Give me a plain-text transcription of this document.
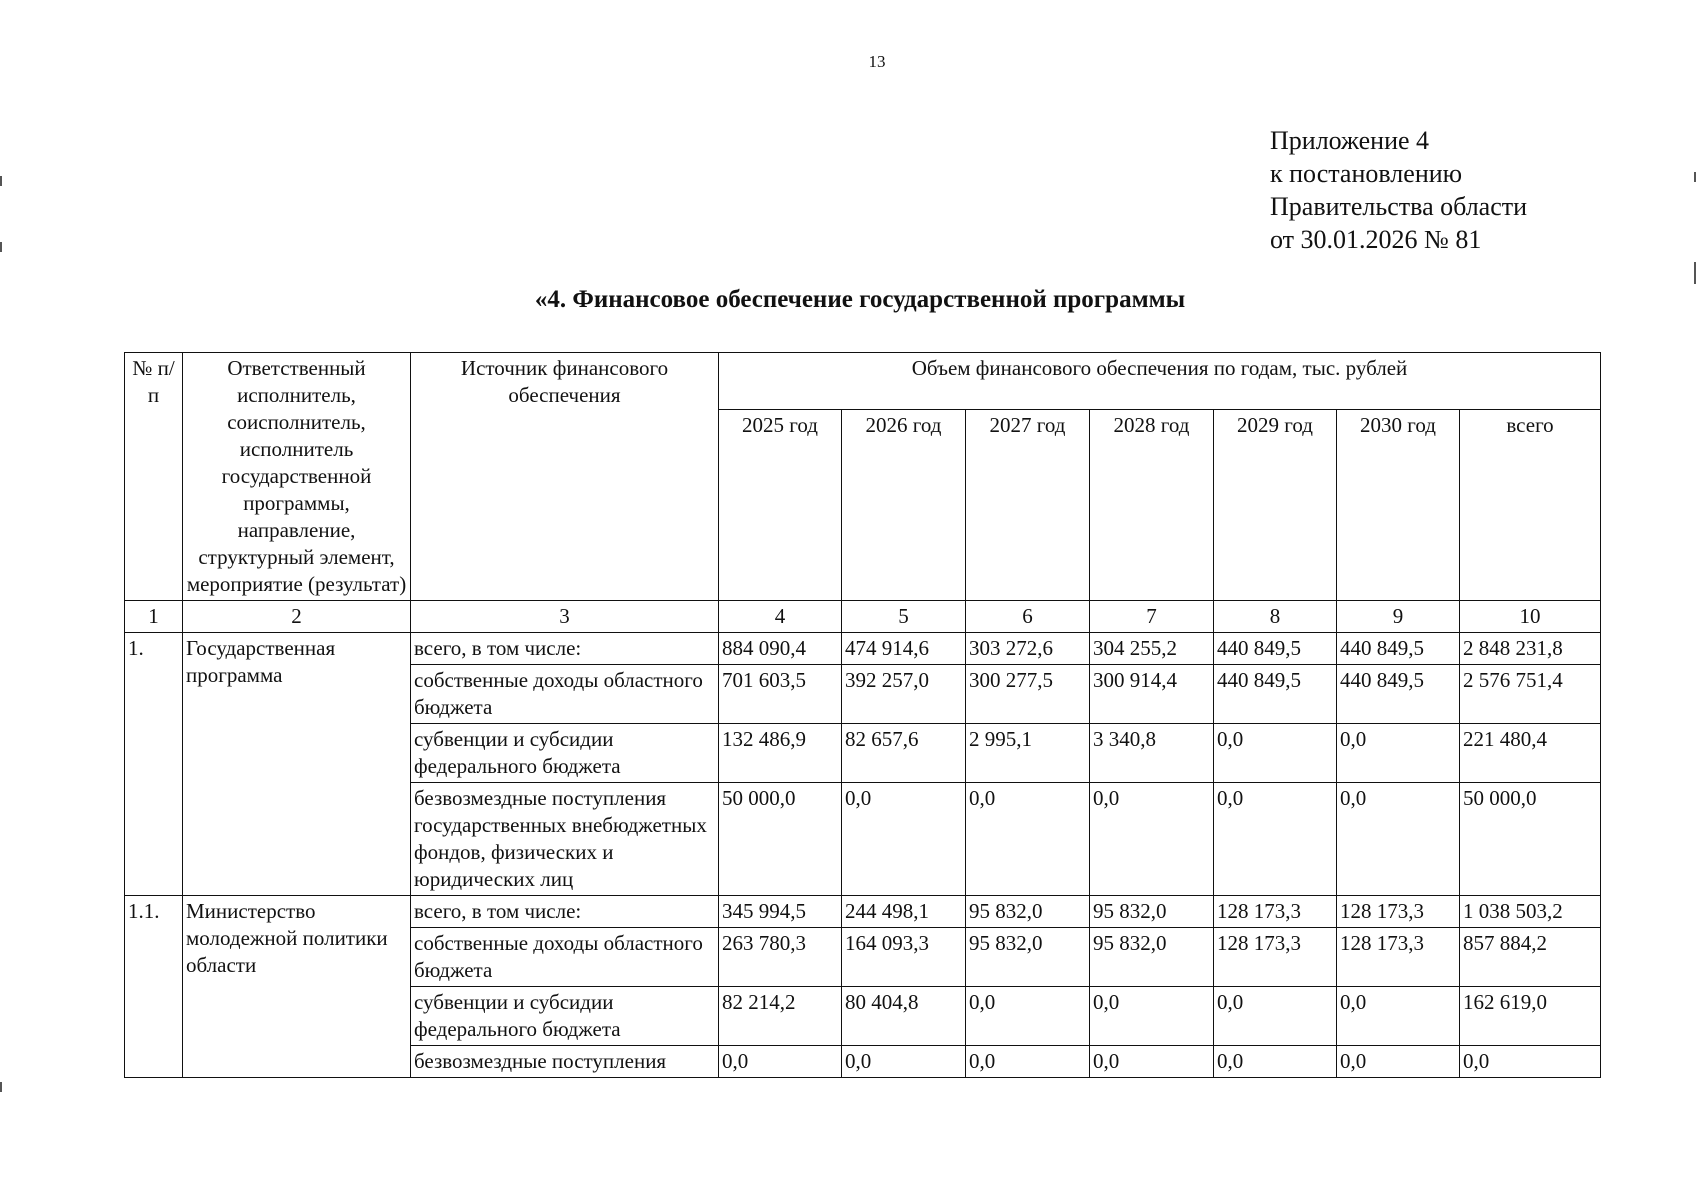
13
Приложение 4
к постановлению
Правительства области
от 30.01.2026 № 81
«4. Финансовое обеспечение государственной программы
№ п/п	Ответственный исполнитель, соисполнитель, исполнитель государственной программы, направление, структурный элемент, мероприятие (результат)	Источник финансового обеспечения	Объем финансового обеспечения по годам, тыс. рублей						
			2025 год	2026 год	2027 год	2028 год	2029 год	2030 год	всего
1	2	3	4	5	6	7	8	9	10
1.	Государственная программа	всего, в том числе:	884 090,4	474 914,6	303 272,6	304 255,2	440 849,5	440 849,5	2 848 231,8
		собственные доходы областного бюджета	701 603,5	392 257,0	300 277,5	300 914,4	440 849,5	440 849,5	2 576 751,4
		субвенции и субсидии федерального бюджета	132 486,9	82 657,6	2 995,1	3 340,8	0,0	0,0	221 480,4
		безвозмездные поступления государственных внебюджетных фондов, физических и юридических лиц	50 000,0	0,0	0,0	0,0	0,0	0,0	50 000,0
1.1.	Министерство молодежной политики области	всего, в том числе:	345 994,5	244 498,1	95 832,0	95 832,0	128 173,3	128 173,3	1 038 503,2
		собственные доходы областного бюджета	263 780,3	164 093,3	95 832,0	95 832,0	128 173,3	128 173,3	857 884,2
		субвенции и субсидии федерального бюджета	82 214,2	80 404,8	0,0	0,0	0,0	0,0	162 619,0
		безвозмездные поступления	0,0	0,0	0,0	0,0	0,0	0,0	0,0
